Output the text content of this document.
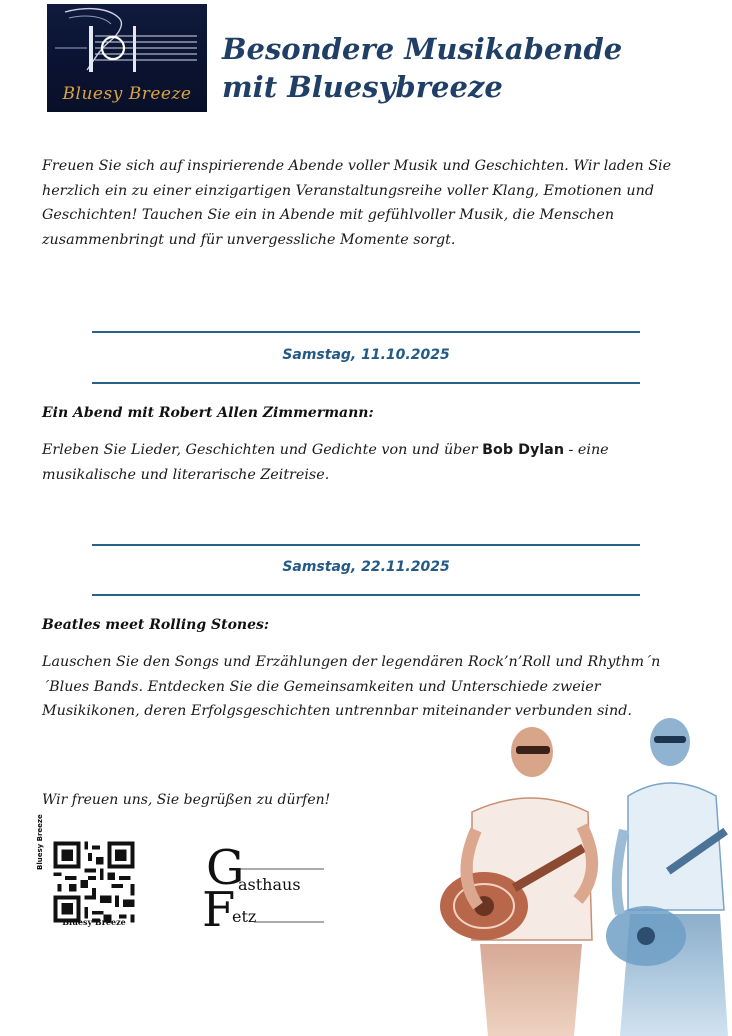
Bluesy Breeze
Besondere Musikabende
mit Bluesybreeze

Freuen Sie sich auf inspirierende Abende voller Musik und Geschichten. Wir laden Sie herzlich ein zu einer einzigartigen Veranstaltungsreihe voller Klang, Emotionen und Geschichten! Tauchen Sie ein in Abende mit gefühlvoller Musik, die Menschen zusammenbringt und für unvergessliche Momente sorgt.

Samstag, 11.10.2025
Ein Abend mit Robert Allen Zimmermann:

Erleben Sie Lieder, Geschichten und Gedichte von und über Bob Dylan - eine musikalische und literarische Zeitreise.

Samstag, 22.11.2025
Beatles meet Rolling Stones:

Lauschen Sie den Songs und Erzählungen der legendären Rock’n’Roll und Rhythm´n´Blues Bands. Entdecken Sie die Gemeinsamkeiten und Unterschiede zweier Musikikonen, deren Erfolgsgeschichten untrennbar miteinander verbunden sind.

Wir freuen uns, Sie begrüßen zu dürfen!
Bluesy Breeze
Bluesy Breeze
G
asthaus
F
etz
